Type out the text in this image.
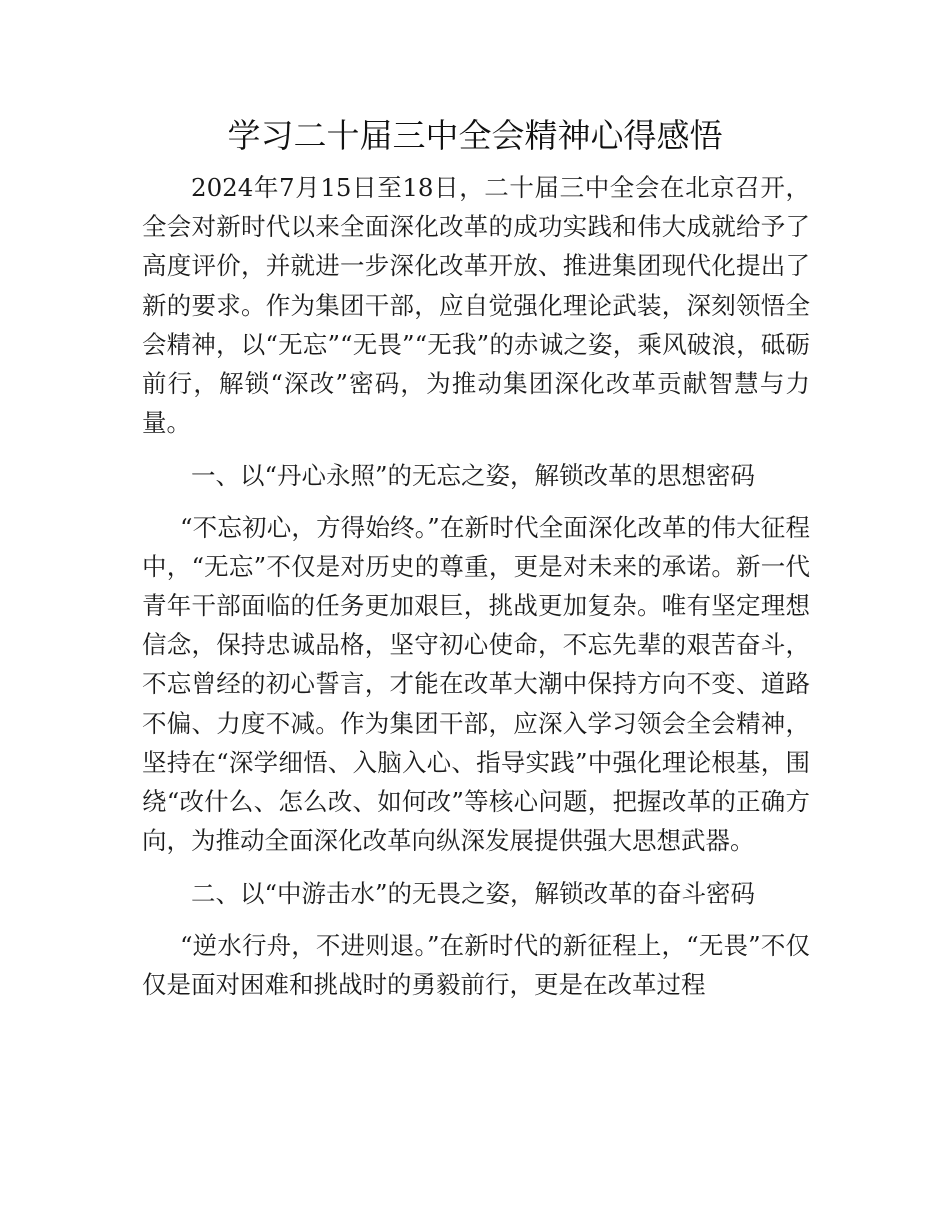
学习二十届三中全会精神心得感悟

2024年7月15日至18日，二十届三中全会在北京召开，全会对新时代以来全面深化改革的成功实践和伟大成就给予了高度评价，并就进一步深化改革开放、推进集团现代化提出了新的要求。作为集团干部，应自觉强化理论武装，深刻领悟全会精神，以“无忘”“无畏”“无我”的赤诚之姿，乘风破浪，砥砺前行，解锁“深改”密码，为推动集团深化改革贡献智慧与力量。

一、以“丹心永照”的无忘之姿，解锁改革的思想密码

“不忘初心，方得始终。”在新时代全面深化改革的伟大征程中，“无忘”不仅是对历史的尊重，更是对未来的承诺。新一代青年干部面临的任务更加艰巨，挑战更加复杂。唯有坚定理想信念，保持忠诚品格，坚守初心使命，不忘先辈的艰苦奋斗，不忘曾经的初心誓言，才能在改革大潮中保持方向不变、道路不偏、力度不减。作为集团干部，应深入学习领会全会精神，坚持在“深学细悟、入脑入心、指导实践”中强化理论根基，围绕“改什么、怎么改、如何改”等核心问题，把握改革的正确方向，为推动全面深化改革向纵深发展提供强大思想武器。

二、以“中游击水”的无畏之姿，解锁改革的奋斗密码

“逆水行舟，不进则退。”在新时代的新征程上，“无畏”不仅仅是面对困难和挑战时的勇毅前行，更是在改革过程
